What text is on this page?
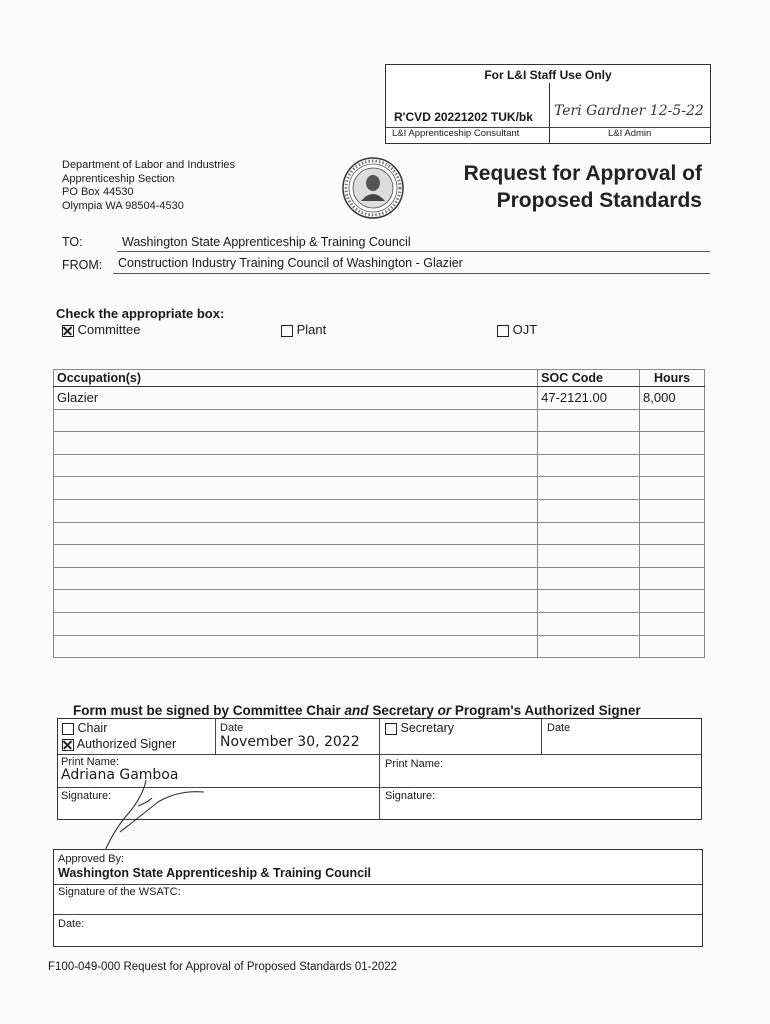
For L&I Staff Use Only
R'CVD 20221202 TUK/bk Teri Gardner 12-5-22
L&I Apprenticeship Consultant	L&I Admin
Department of Labor and Industries
Apprenticeship Section
PO Box 44530
Olympia WA 98504-4530
Request for Approval of
Proposed Standards
TO:	Washington State Apprenticeship & Training Council
FROM: Construction Industry Training Council of Washington - Glazier
Check the appropriate box:
Committee	Plant	OJT
Occupation(s)	SOC Code	Hours
Glazier	47-2121.00	8,000

Form must be signed by Committee Chair and Secretary or Program's Authorized Signer
Chair
Authorized Signer
Date
November 30, 2022
Secretary	Date
Print Name:
Adriana Gamboa
Print Name:
Signature:	Signature:
Approved By:
Washington State Apprenticeship & Training Council
Signature of the WSATC:
Date:
F100-049-000 Request for Approval of Proposed Standards 01-2022
